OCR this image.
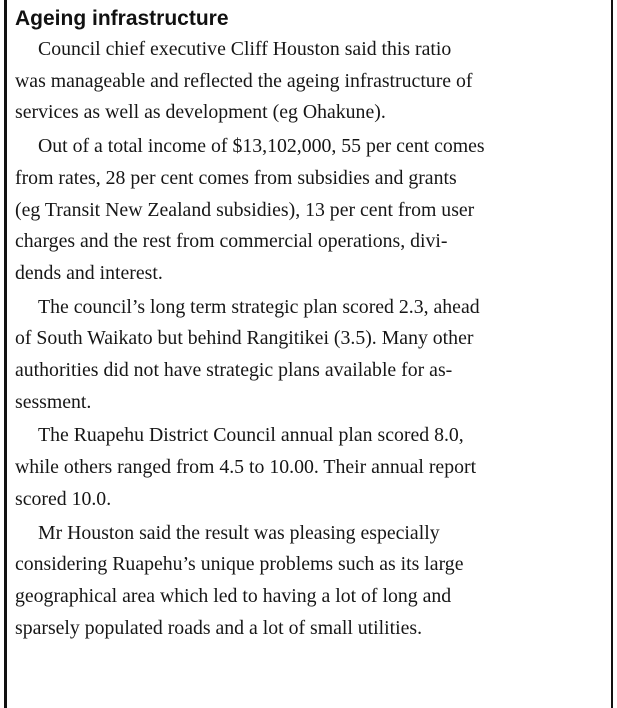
Ageing infrastructure

Council chief executive Cliff Houston said this ratio
was manageable and reflected the ageing infrastructure of
services as well as development (eg Ohakune).

Out of a total income of $13,102,000, 55 per cent comes
from rates, 28 per cent comes from subsidies and grants
(eg Transit New Zealand subsidies), 13 per cent from user
charges and the rest from commercial operations, divi-
dends and interest.

The council’s long term strategic plan scored 2.3, ahead
of South Waikato but behind Rangitikei (3.5). Many other
authorities did not have strategic plans available for as-
sessment.

The Ruapehu District Council annual plan scored 8.0,
while others ranged from 4.5 to 10.00. Their annual report
scored 10.0.

Mr Houston said the result was pleasing especially
considering Ruapehu’s unique problems such as its large
geographical area which led to having a lot of long and
sparsely populated roads and a lot of small utilities.
